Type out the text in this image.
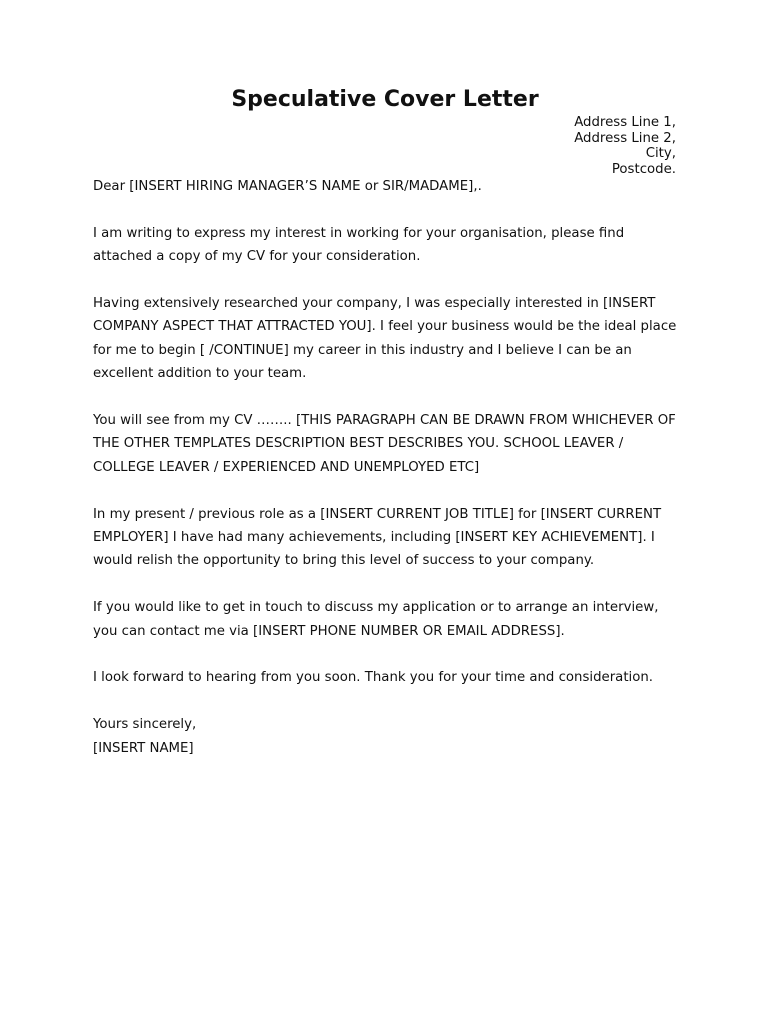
Speculative Cover Letter
Address Line 1,
Address Line 2,
City,
Postcode.

Dear [INSERT HIRING MANAGER’S NAME or SIR/MADAME],.

I am writing to express my interest in working for your organisation, please find attached a copy of my CV for your consideration.

Having extensively researched your company, I was especially interested in [INSERT COMPANY ASPECT THAT ATTRACTED YOU]. I feel your business would be the ideal place for me to begin [ /CONTINUE] my career in this industry and I believe I can be an excellent addition to your team.

You will see from my CV …….. [THIS PARAGRAPH CAN BE DRAWN FROM WHICHEVER OF THE OTHER TEMPLATES DESCRIPTION BEST DESCRIBES YOU. SCHOOL LEAVER / COLLEGE LEAVER / EXPERIENCED AND UNEMPLOYED ETC]

In my present / previous role as a [INSERT CURRENT JOB TITLE] for [INSERT CURRENT EMPLOYER] I have had many achievements, including [INSERT KEY ACHIEVEMENT]. I would relish the opportunity to bring this level of success to your company.

If you would like to get in touch to discuss my application or to arrange an interview, you can contact me via [INSERT PHONE NUMBER OR EMAIL ADDRESS].

I look forward to hearing from you soon. Thank you for your time and consideration.

Yours sincerely,
[INSERT NAME]
